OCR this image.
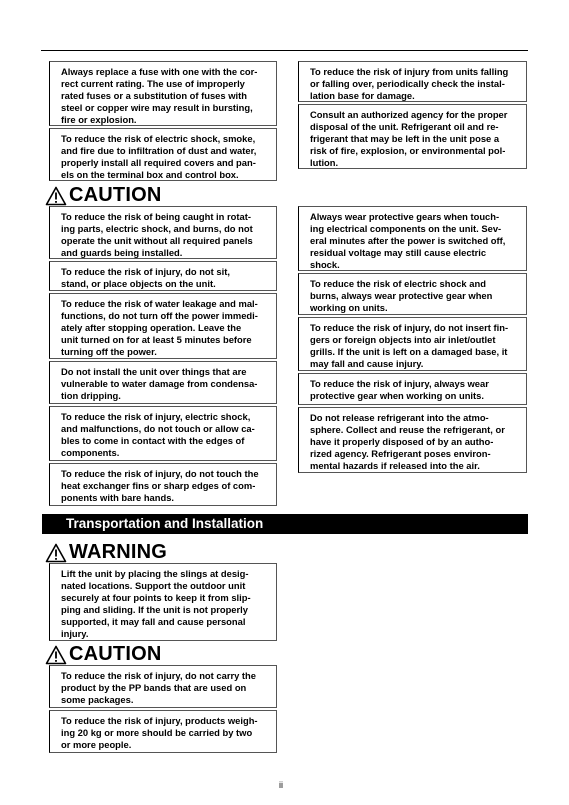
Always replace a fuse with one with the cor-
rect current rating. The use of improperly
rated fuses or a substitution of fuses with
steel or copper wire may result in bursting,
fire or explosion.
To reduce the risk of electric shock, smoke,
and fire due to infiltration of dust and water,
properly install all required covers and pan-
els on the terminal box and control box.
To reduce the risk of injury from units falling
or falling over, periodically check the instal-
lation base for damage.
Consult an authorized agency for the proper
disposal of the unit. Refrigerant oil and re-
frigerant that may be left in the unit pose a
risk of fire, explosion, or environmental pol-
lution.
CAUTION
To reduce the risk of being caught in rotat-
ing parts, electric shock, and burns, do not
operate the unit without all required panels
and guards being installed.
To reduce the risk of injury, do not sit,
stand, or place objects on the unit.
To reduce the risk of water leakage and mal-
functions, do not turn off the power immedi-
ately after stopping operation. Leave the
unit turned on for at least 5 minutes before
turning off the power.
Do not install the unit over things that are
vulnerable to water damage from condensa-
tion dripping.
To reduce the risk of injury, electric shock,
and malfunctions, do not touch or allow ca-
bles to come in contact with the edges of
components.
To reduce the risk of injury, do not touch the
heat exchanger fins or sharp edges of com-
ponents with bare hands.
Always wear protective gears when touch-
ing electrical components on the unit. Sev-
eral minutes after the power is switched off,
residual voltage may still cause electric
shock.
To reduce the risk of electric shock and
burns, always wear protective gear when
working on units.
To reduce the risk of injury, do not insert fin-
gers or foreign objects into air inlet/outlet
grills. If the unit is left on a damaged base, it
may fall and cause injury.
To reduce the risk of injury, always wear
protective gear when working on units.
Do not release refrigerant into the atmo-
sphere. Collect and reuse the refrigerant, or
have it properly disposed of by an autho-
rized agency. Refrigerant poses environ-
mental hazards if released into the air.
Transportation and Installation
WARNING
Lift the unit by placing the slings at desig-
nated locations. Support the outdoor unit
securely at four points to keep it from slip-
ping and sliding. If the unit is not properly
supported, it may fall and cause personal
injury.
CAUTION
To reduce the risk of injury, do not carry the
product by the PP bands that are used on
some packages.
To reduce the risk of injury, products weigh-
ing 20 kg or more should be carried by two
or more people.
ii
